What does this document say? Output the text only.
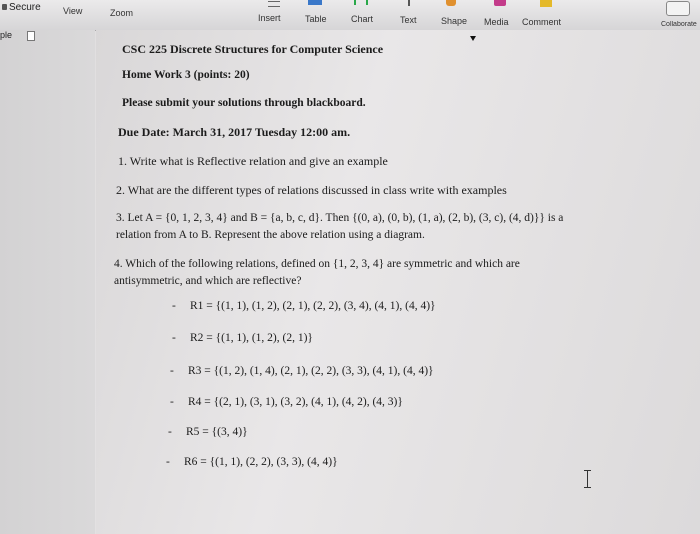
Secure View	Zoom	Insert	Table	Chart	Text	Shape Media Comment	Collaborate
ple
CSC 225 Discrete Structures for Computer Science
Home Work 3 (points: 20)
Please submit your solutions through blackboard.
Due Date: March 31, 2017 Tuesday 12:00 am.
1. Write what is Reflective relation and give an example
2. What are the different types of relations discussed in class write with examples
3. Let A = {0, 1, 2, 3, 4} and B = {a, b, c, d}. Then {(0, a), (0, b), (1, a), (2, b), (3, c), (4, d)}} is a
relation from A to B. Represent the above relation using a diagram.
4. Which of the following relations, defined on {1, 2, 3, 4} are symmetric and which are
antisymmetric, and which are reflective?
- R1 = {(1, 1), (1, 2), (2, 1), (2, 2), (3, 4), (4, 1), (4, 4)}
- R2 = {(1, 1), (1, 2), (2, 1)}
- R3 = {(1, 2), (1, 4), (2, 1), (2, 2), (3, 3), (4, 1), (4, 4)}
- R4 = {(2, 1), (3, 1), (3, 2), (4, 1), (4, 2), (4, 3)}
- R5 = {(3, 4)}
- R6 = {(1, 1), (2, 2), (3, 3), (4, 4)}
